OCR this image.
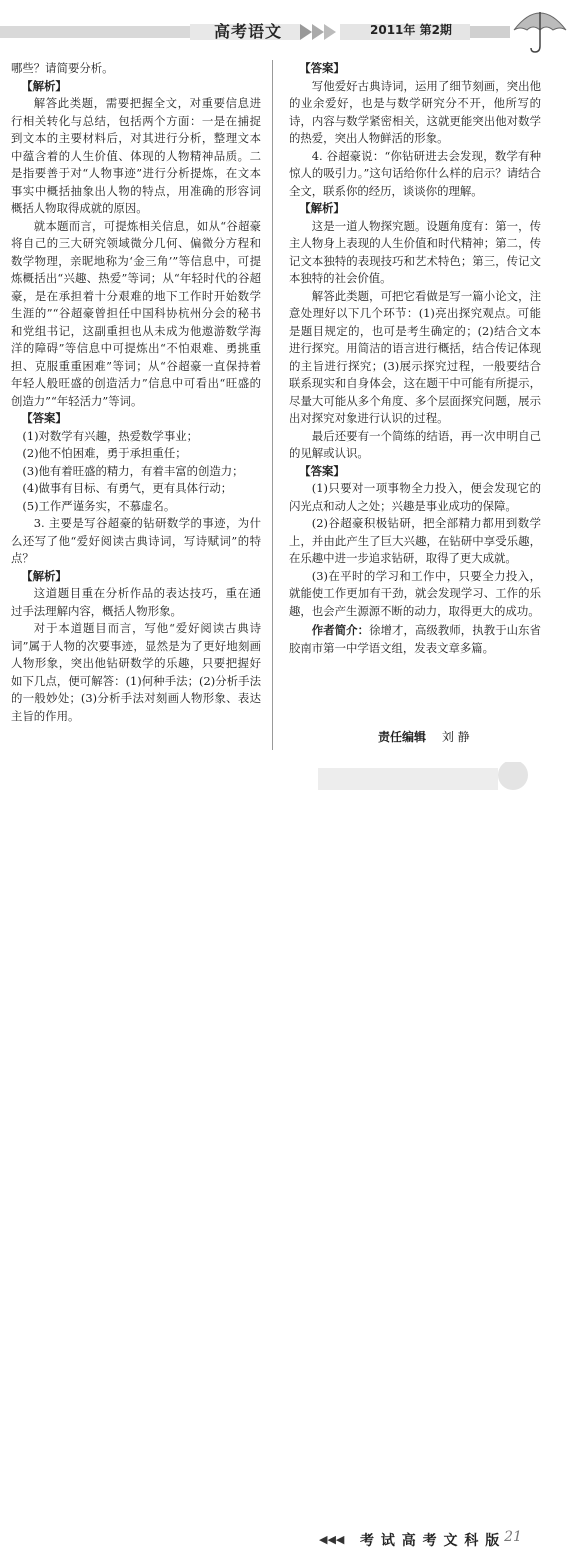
高考语文	2011年 第2期

哪些？请简要分析。

【解析】

解答此类题，需要把握全文，对重要信息进行相关转化与总结，包括两个方面：一是在捕捉到文本的主要材料后，对其进行分析，整理文本中蕴含着的人生价值、体现的人物精神品质。二是指要善于对“人物事迹”进行分析提炼，在文本事实中概括抽象出人物的特点，用准确的形容词概括人物取得成就的原因。

就本题而言，可提炼相关信息，如从“谷超豪将自己的三大研究领域微分几何、偏微分方程和数学物理，亲昵地称为‘金三角’”等信息中，可提炼概括出“兴趣、热爱”等词；从“年轻时代的谷超豪，是在承担着十分艰难的地下工作时开始数学生涯的”“谷超豪曾担任中国科协杭州分会的秘书和党组书记，这副重担也从未成为他遨游数学海洋的障碍”等信息中可提炼出“不怕艰难、勇挑重担、克服重重困难”等词；从“谷超豪一直保持着年轻人般旺盛的创造活力”信息中可看出“旺盛的创造力”“年轻活力”等词。

【答案】

(1)对数学有兴趣，热爱数学事业；

(2)他不怕困难，勇于承担重任；

(3)他有着旺盛的精力，有着丰富的创造力；

(4)做事有目标、有勇气，更有具体行动；

(5)工作严谨务实，不慕虚名。

3. 主要是写谷超豪的钻研数学的事迹，为什么还写了他“爱好阅读古典诗词，写诗赋词”的特点？

【解析】

这道题目重在分析作品的表达技巧，重在通过手法理解内容，概括人物形象。

对于本道题目而言，写他“爱好阅读古典诗词”属于人物的次要事迹，显然是为了更好地刻画人物形象，突出他钻研数学的乐趣，只要把握好如下几点，便可解答：(1)何种手法；(2)分析手法的一般妙处；(3)分析手法对刻画人物形象、表达主旨的作用。

【答案】

写他爱好古典诗词，运用了细节刻画，突出他的业余爱好，也是与数学研究分不开，他所写的诗，内容与数学紧密相关，这就更能突出他对数学的热爱，突出人物鲜活的形象。

4. 谷超豪说：“你钻研进去会发现，数学有种惊人的吸引力。”这句话给你什么样的启示？请结合全文，联系你的经历，谈谈你的理解。

【解析】

这是一道人物探究题。设题角度有：第一，传主人物身上表现的人生价值和时代精神；第二，传记文本独特的表现技巧和艺术特色；第三，传记文本独特的社会价值。

解答此类题，可把它看做是写一篇小论文，注意处理好以下几个环节：(1)亮出探究观点。可能是题目规定的，也可是考生确定的；(2)结合文本进行探究。用简洁的语言进行概括，结合传记体现的主旨进行探究；(3)展示探究过程，一般要结合联系现实和自身体会，这在题干中可能有所提示，尽量大可能从多个角度、多个层面探究问题，展示出对探究对象进行认识的过程。

最后还要有一个简练的结语，再一次申明自己的见解或认识。

【答案】

(1)只要对一项事物全力投入，便会发现它的闪光点和动人之处；兴趣是事业成功的保障。

(2)谷超豪积极钻研，把全部精力都用到数学上，并由此产生了巨大兴趣，在钻研中享受乐趣，在乐趣中进一步追求钻研，取得了更大成就。

(3)在平时的学习和工作中，只要全力投入，就能使工作更加有干劲，就会发现学习、工作的乐趣，也会产生源源不断的动力，取得更大的成功。

作者简介：徐增才，高级教师，执教于山东省胶南市第一中学语文组，发表文章多篇。

责任编辑 刘 静
◀◀◀ 考 试 高 考 文 科 版 21
